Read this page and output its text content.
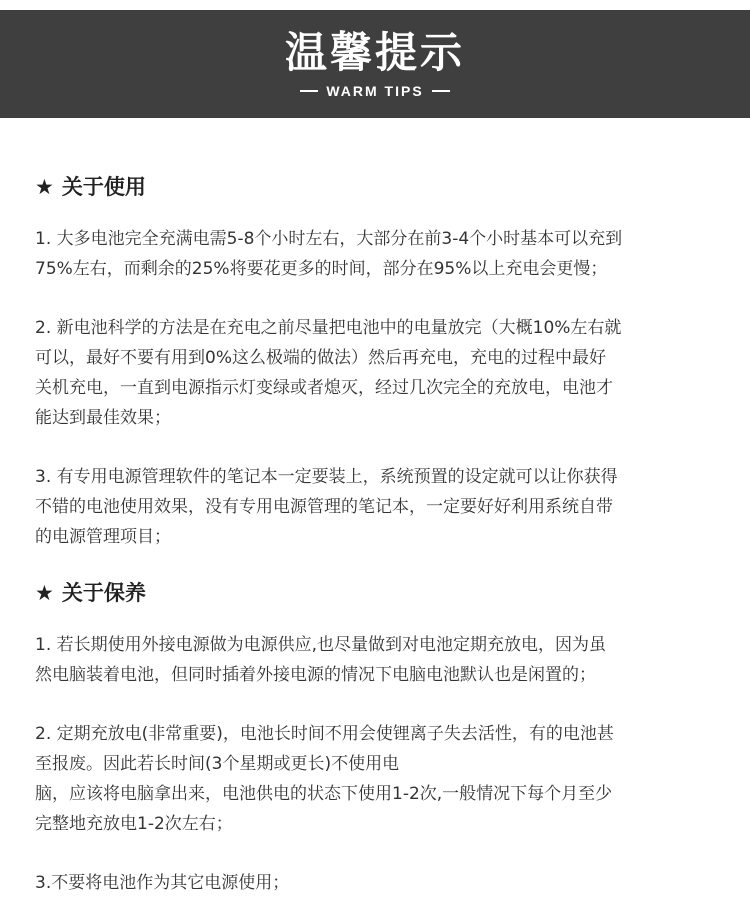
温馨提示
WARM TIPS
★ 关于使用

1. 大多电池完全充满电需5-8个小时左右，大部分在前3-4个小时基本可以充到

75%左右，而剩余的25%将要花更多的时间，部分在95%以上充电会更慢；

2. 新电池科学的方法是在充电之前尽量把电池中的电量放完（大概10%左右就

可以，最好不要有用到0%这么极端的做法）然后再充电，充电的过程中最好

关机充电，一直到电源指示灯变绿或者熄灭，经过几次完全的充放电，电池才

能达到最佳效果；

3. 有专用电源管理软件的笔记本一定要装上，系统预置的设定就可以让你获得

不错的电池使用效果，没有专用电源管理的笔记本，一定要好好利用系统自带

的电源管理项目；

★ 关于保养

1. 若长期使用外接电源做为电源供应,也尽量做到对电池定期充放电，因为虽

然电脑装着电池，但同时插着外接电源的情况下电脑电池默认也是闲置的；

2. 定期充放电(非常重要)，电池长时间不用会使锂离子失去活性，有的电池甚

至报废。因此若长时间(3个星期或更长)不使用电

脑，应该将电脑拿出来，电池供电的状态下使用1-2次,一般情况下每个月至少

完整地充放电1-2次左右；

3.不要将电池作为其它电源使用；
